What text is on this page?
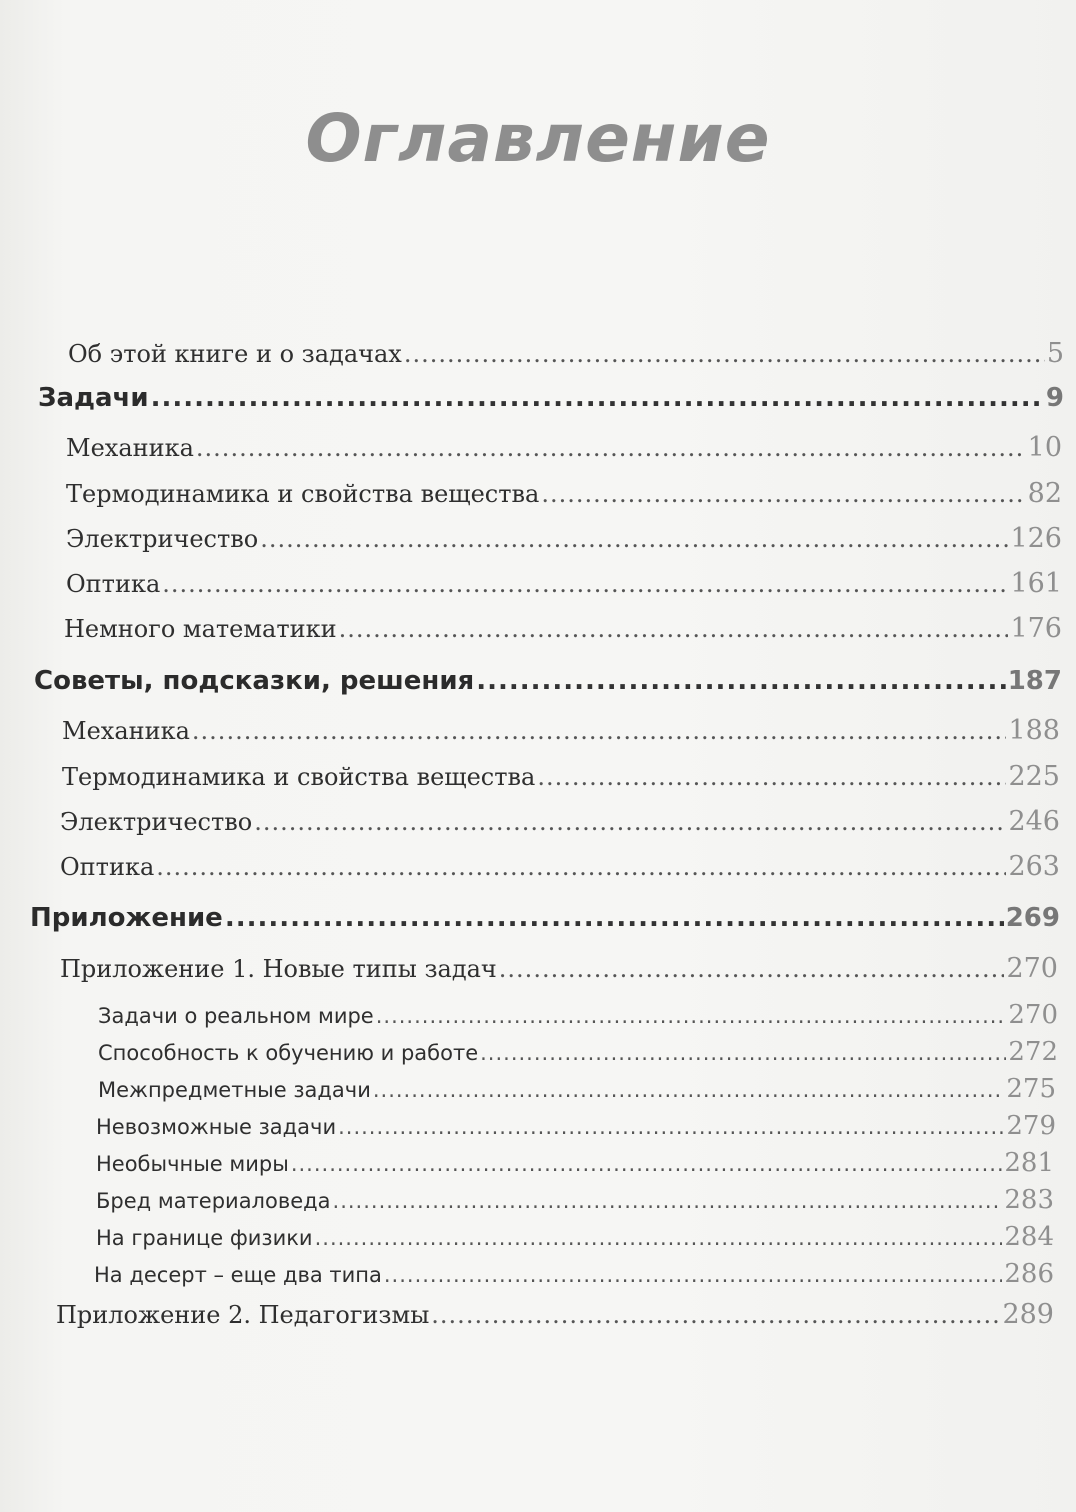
Оглавление
Об этой книге и о задачах .....	5
Задачи .....	9
Механика .....	10
Термодинамика и свойства вещества .....	82
Электричество .....	126
Оптика .....	161
Немного математики .....	176
Советы, подсказки, решения .....	187
Механика .....	188
Термодинамика и свойства вещества .....	225
Электричество .....	246
Оптика .....	263
Приложение .....	269
Приложение 1. Новые типы задач .....	270
Задачи о реальном мире .....	270
Способность к обучению и работе .....	272
Межпредметные задачи .....	275
Невозможные задачи .....	279
Необычные миры .....	281
Бред материаловеда .....	283
На границе физики .....	284
На десерт – еще два типа .....	286
Приложение 2. Педагогизмы .....	289
